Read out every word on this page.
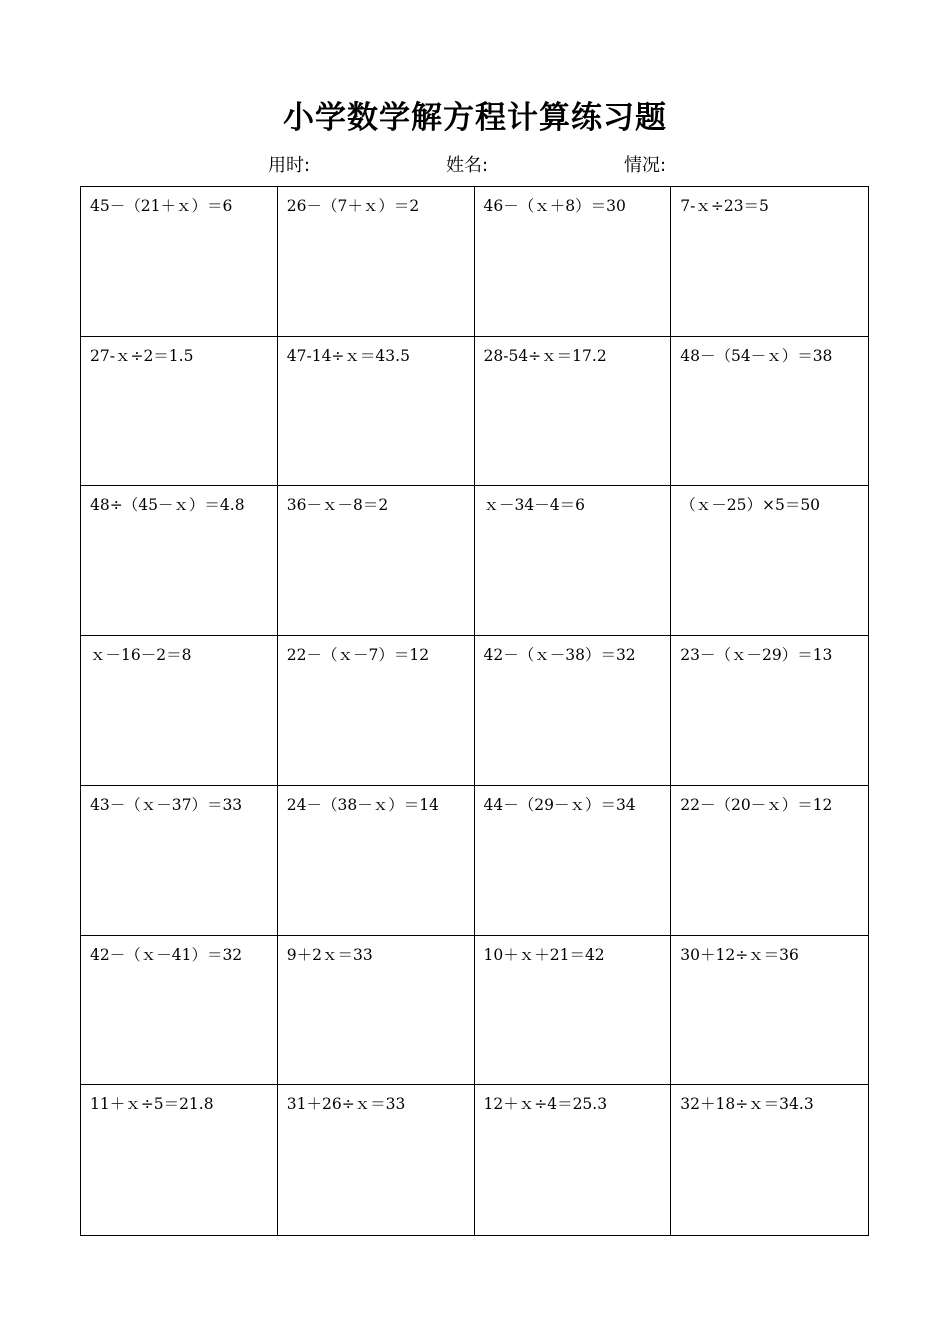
小学数学解方程计算练习题
用时:	姓名:	情况:
45－（21＋ｘ）＝6	26－（7＋ｘ）＝2	46－（ｘ＋8）＝30	7-ｘ÷23＝5
27-ｘ÷2＝1.5	47-14÷ｘ＝43.5	28-54÷ｘ＝17.2	48－（54－ｘ）＝38
48÷（45－ｘ）＝4.8	36－ｘ－8＝2	ｘ－34－4＝6	（ｘ－25）×5＝50
ｘ－16－2＝8	22－（ｘ－7）＝12	42－（ｘ－38）＝32	23－（ｘ－29）＝13
43－（ｘ－37）＝33	24－（38－ｘ）＝14	44－（29－ｘ）＝34	22－（20－ｘ）＝12
42－（ｘ－41）＝32	9＋2ｘ＝33	10＋ｘ＋21＝42	30＋12÷ｘ＝36
11＋ｘ÷5＝21.8	31＋26÷ｘ＝33	12＋ｘ÷4＝25.3	32＋18÷ｘ＝34.3
